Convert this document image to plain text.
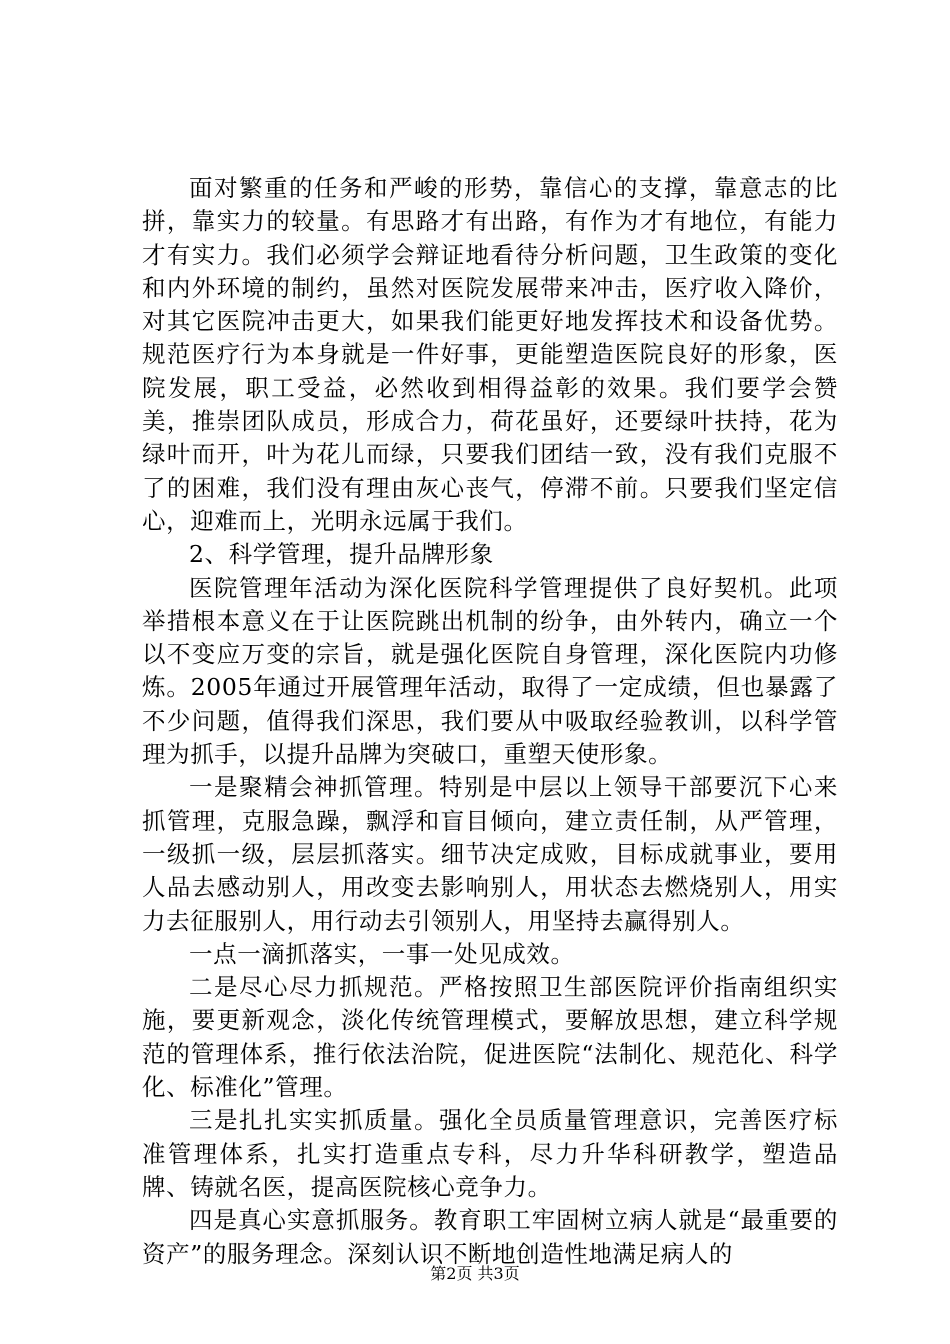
面对繁重的任务和严峻的形势，靠信心的支撑，靠意志的比拼，靠实力的较量。有思路才有出路，有作为才有地位，有能力才有实力。我们必须学会辩证地看待分析问题，卫生政策的变化和内外环境的制约，虽然对医院发展带来冲击，医疗收入降价，对其它医院冲击更大，如果我们能更好地发挥技术和设备优势。规范医疗行为本身就是一件好事，更能塑造医院良好的形象，医院发展，职工受益，必然收到相得益彰的效果。我们要学会赞美，推崇团队成员，形成合力，荷花虽好，还要绿叶扶持，花为绿叶而开，叶为花儿而绿，只要我们团结一致，没有我们克服不了的困难，我们没有理由灰心丧气，停滞不前。只要我们坚定信心，迎难而上，光明永远属于我们。

2、科学管理，提升品牌形象

医院管理年活动为深化医院科学管理提供了良好契机。此项举措根本意义在于让医院跳出机制的纷争，由外转内，确立一个以不变应万变的宗旨，就是强化医院自身管理，深化医院内功修炼。2005年通过开展管理年活动，取得了一定成绩，但也暴露了不少问题，值得我们深思，我们要从中吸取经验教训，以科学管理为抓手，以提升品牌为突破口，重塑天使形象。

一是聚精会神抓管理。特别是中层以上领导干部要沉下心来抓管理，克服急躁，飘浮和盲目倾向，建立责任制，从严管理，一级抓一级，层层抓落实。细节决定成败，目标成就事业，要用人品去感动别人，用改变去影响别人，用状态去燃烧别人，用实力去征服别人，用行动去引领别人，用坚持去赢得别人。

一点一滴抓落实，一事一处见成效。

二是尽心尽力抓规范。严格按照卫生部医院评价指南组织实施，要更新观念，淡化传统管理模式，要解放思想，建立科学规范的管理体系，推行依法治院，促进医院“法制化、规范化、科学化、标准化”管理。

三是扎扎实实抓质量。强化全员质量管理意识，完善医疗标准管理体系，扎实打造重点专科，尽力升华科研教学，塑造品牌、铸就名医，提高医院核心竞争力。

四是真心实意抓服务。教育职工牢固树立病人就是“最重要的资产”的服务理念。深刻认识不断地创造性地满足病人的

第2页 共3页
